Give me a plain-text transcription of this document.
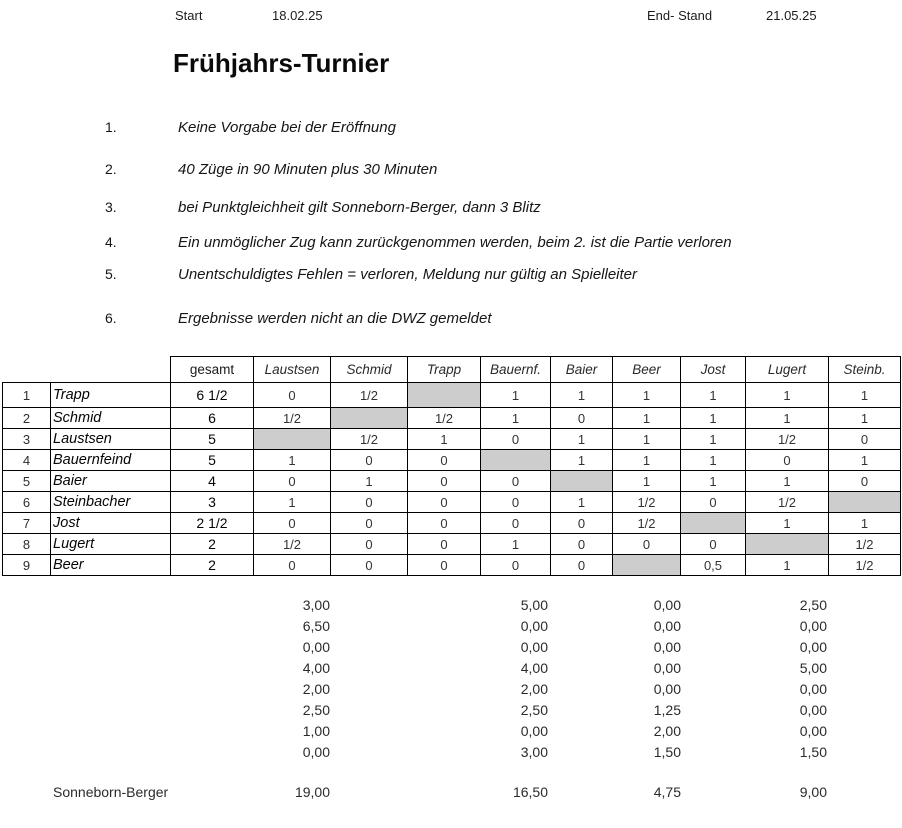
Start	18.02.25	End- Stand	21.05.25
Frühjahrs-Turnier
1.	Keine Vorgabe bei der Eröffnung
2.	40 Züge in 90 Minuten plus 30 Minuten
3.	bei Punktgleichheit gilt Sonneborn-Berger, dann 3 Blitz
4.	Ein unmöglicher Zug kann zurückgenommen werden, beim 2. ist die Partie verloren
5.	Unentschuldigtes Fehlen = verloren, Meldung nur gültig an Spielleiter
6.	Ergebnisse werden nicht an die DWZ gemeldet
		gesamt	Laustsen	Schmid	Trapp	Bauernf.	Baier	Beer	Jost	Lugert	Steinb.
1	Trapp	6 1/2	0	1/2		1	1	1	1	1	1
2	Schmid	6	1/2		1/2	1	0	1	1	1	1
3	Laustsen	5		1/2	1	0	1	1	1	1/2	0
4	Bauernfeind	5	1	0	0		1	1	1	0	1
5	Baier	4	0	1	0	0		1	1	1	0
6	Steinbacher	3	1	0	0	0	1	1/2	0	1/2	
7	Jost	2 1/2	0	0	0	0	0	1/2		1	1
8	Lugert	2	1/2	0	0	1	0	0	0		1/2
9	Beer	2	0	0	0	0	0		0,5	1	1/2
Sonneborn-Berger
3,00	5,00	0,00	2,50
6,50	0,00	0,00	0,00
0,00	0,00	0,00	0,00
4,00	4,00	0,00	5,00
2,00	2,00	0,00	0,00
2,50	2,50	1,25	0,00
1,00	0,00	2,00	0,00
0,00	3,00	1,50	1,50
19,00	16,50	4,75	9,00
